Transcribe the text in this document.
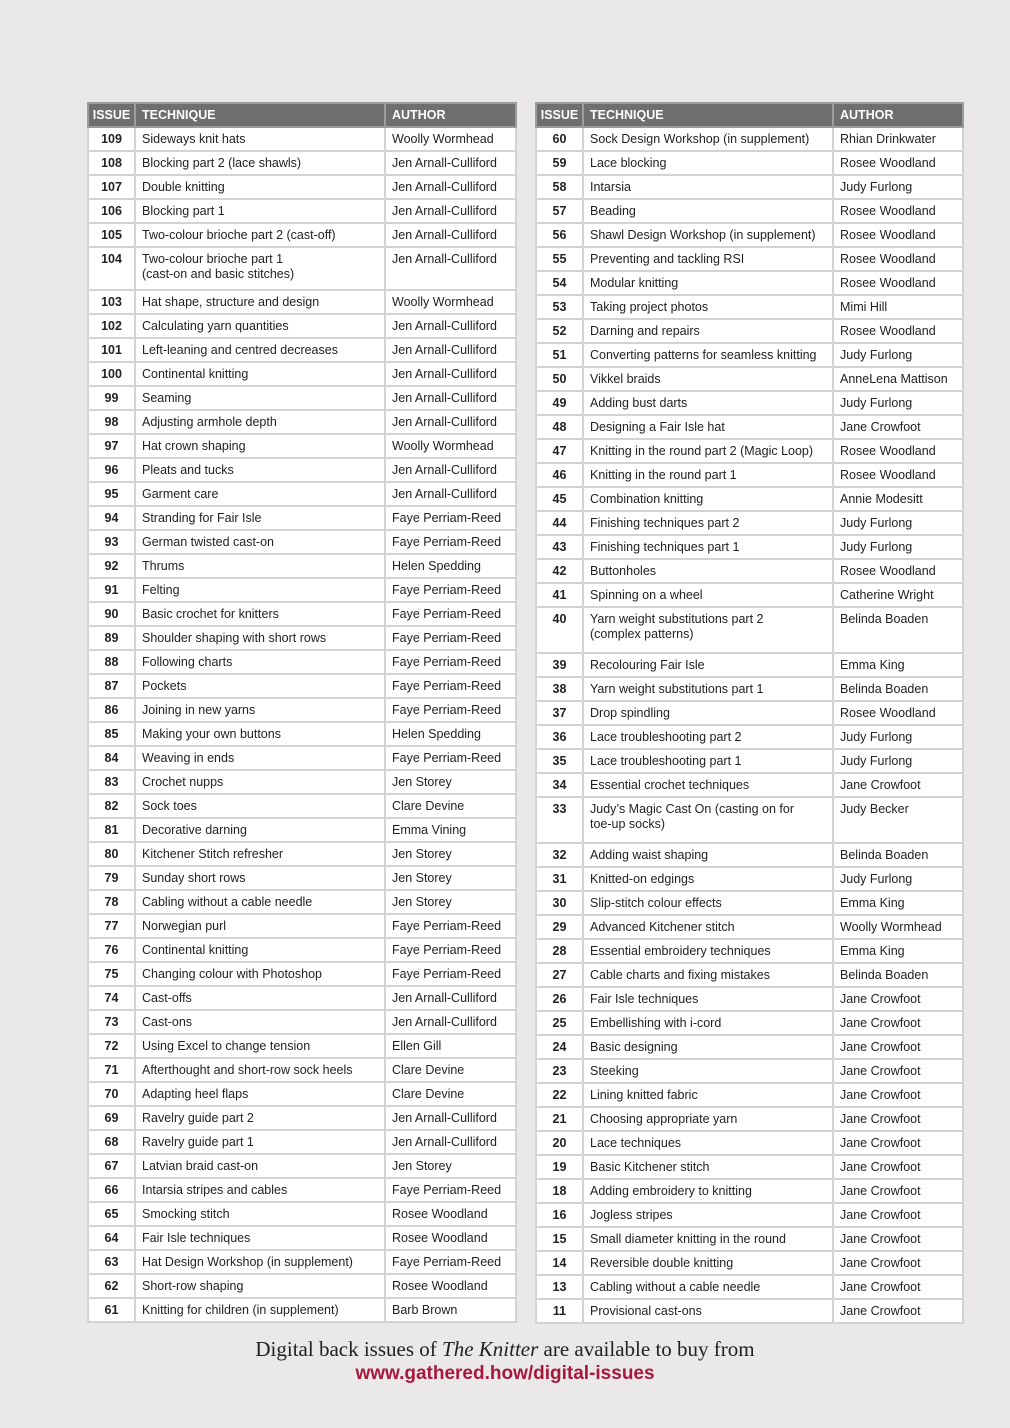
ISSUE	TECHNIQUE	AUTHOR
109	Sideways knit hats	Woolly Wormhead
108	Blocking part 2 (lace shawls)	Jen Arnall-Culliford
107	Double knitting	Jen Arnall-Culliford
106	Blocking part 1	Jen Arnall-Culliford
105	Two-colour brioche part 2 (cast-off)	Jen Arnall-Culliford
104	Two-colour brioche part 1
(cast-on and basic stitches)	Jen Arnall-Culliford
103	Hat shape, structure and design	Woolly Wormhead
102	Calculating yarn quantities	Jen Arnall-Culliford
101	Left-leaning and centred decreases	Jen Arnall-Culliford
100	Continental knitting	Jen Arnall-Culliford
99	Seaming	Jen Arnall-Culliford
98	Adjusting armhole depth	Jen Arnall-Culliford
97	Hat crown shaping	Woolly Wormhead
96	Pleats and tucks	Jen Arnall-Culliford
95	Garment care	Jen Arnall-Culliford
94	Stranding for Fair Isle	Faye Perriam-Reed
93	German twisted cast-on	Faye Perriam-Reed
92	Thrums	Helen Spedding
91	Felting	Faye Perriam-Reed
90	Basic crochet for knitters	Faye Perriam-Reed
89	Shoulder shaping with short rows	Faye Perriam-Reed
88	Following charts	Faye Perriam-Reed
87	Pockets	Faye Perriam-Reed
86	Joining in new yarns	Faye Perriam-Reed
85	Making your own buttons	Helen Spedding
84	Weaving in ends	Faye Perriam-Reed
83	Crochet nupps	Jen Storey
82	Sock toes	Clare Devine
81	Decorative darning	Emma Vining
80	Kitchener Stitch refresher	Jen Storey
79	Sunday short rows	Jen Storey
78	Cabling without a cable needle	Jen Storey
77	Norwegian purl	Faye Perriam-Reed
76	Continental knitting	Faye Perriam-Reed
75	Changing colour with Photoshop	Faye Perriam-Reed
74	Cast-offs	Jen Arnall-Culliford
73	Cast-ons	Jen Arnall-Culliford
72	Using Excel to change tension	Ellen Gill
71	Afterthought and short-row sock heels	Clare Devine
70	Adapting heel flaps	Clare Devine
69	Ravelry guide part 2	Jen Arnall-Culliford
68	Ravelry guide part 1	Jen Arnall-Culliford
67	Latvian braid cast-on	Jen Storey
66	Intarsia stripes and cables	Faye Perriam-Reed
65	Smocking stitch	Rosee Woodland
64	Fair Isle techniques	Rosee Woodland
63	Hat Design Workshop (in supplement)	Faye Perriam-Reed
62	Short-row shaping	Rosee Woodland
61	Knitting for children (in supplement)	Barb Brown
ISSUE	TECHNIQUE	AUTHOR
60	Sock Design Workshop (in supplement)	Rhian Drinkwater
59	Lace blocking	Rosee Woodland
58	Intarsia	Judy Furlong
57	Beading	Rosee Woodland
56	Shawl Design Workshop (in supplement)	Rosee Woodland
55	Preventing and tackling RSI	Rosee Woodland
54	Modular knitting	Rosee Woodland
53	Taking project photos	Mimi Hill
52	Darning and repairs	Rosee Woodland
51	Converting patterns for seamless knitting	Judy Furlong
50	Vikkel braids	AnneLena Mattison
49	Adding bust darts	Judy Furlong
48	Designing a Fair Isle hat	Jane Crowfoot
47	Knitting in the round part 2 (Magic Loop)	Rosee Woodland
46	Knitting in the round part 1	Rosee Woodland
45	Combination knitting	Annie Modesitt
44	Finishing techniques part 2	Judy Furlong
43	Finishing techniques part 1	Judy Furlong
42	Buttonholes	Rosee Woodland
41	Spinning on a wheel	Catherine Wright
40	Yarn weight substitutions part 2
(complex patterns)	Belinda Boaden
39	Recolouring Fair Isle	Emma King
38	Yarn weight substitutions part 1	Belinda Boaden
37	Drop spindling	Rosee Woodland
36	Lace troubleshooting part 2	Judy Furlong
35	Lace troubleshooting part 1	Judy Furlong
34	Essential crochet techniques	Jane Crowfoot
33	Judy’s Magic Cast On (casting on for
toe-up socks)	Judy Becker
32	Adding waist shaping	Belinda Boaden
31	Knitted-on edgings	Judy Furlong
30	Slip-stitch colour effects	Emma King
29	Advanced Kitchener stitch	Woolly Wormhead
28	Essential embroidery techniques	Emma King
27	Cable charts and fixing mistakes	Belinda Boaden
26	Fair Isle techniques	Jane Crowfoot
25	Embellishing with i-cord	Jane Crowfoot
24	Basic designing	Jane Crowfoot
23	Steeking	Jane Crowfoot
22	Lining knitted fabric	Jane Crowfoot
21	Choosing appropriate yarn	Jane Crowfoot
20	Lace techniques	Jane Crowfoot
19	Basic Kitchener stitch	Jane Crowfoot
18	Adding embroidery to knitting	Jane Crowfoot
16	Jogless stripes	Jane Crowfoot
15	Small diameter knitting in the round	Jane Crowfoot
14	Reversible double knitting	Jane Crowfoot
13	Cabling without a cable needle	Jane Crowfoot
11	Provisional cast-ons	Jane Crowfoot
Digital back issues of The Knitter are available to buy from
www.gathered.how/digital-issues
